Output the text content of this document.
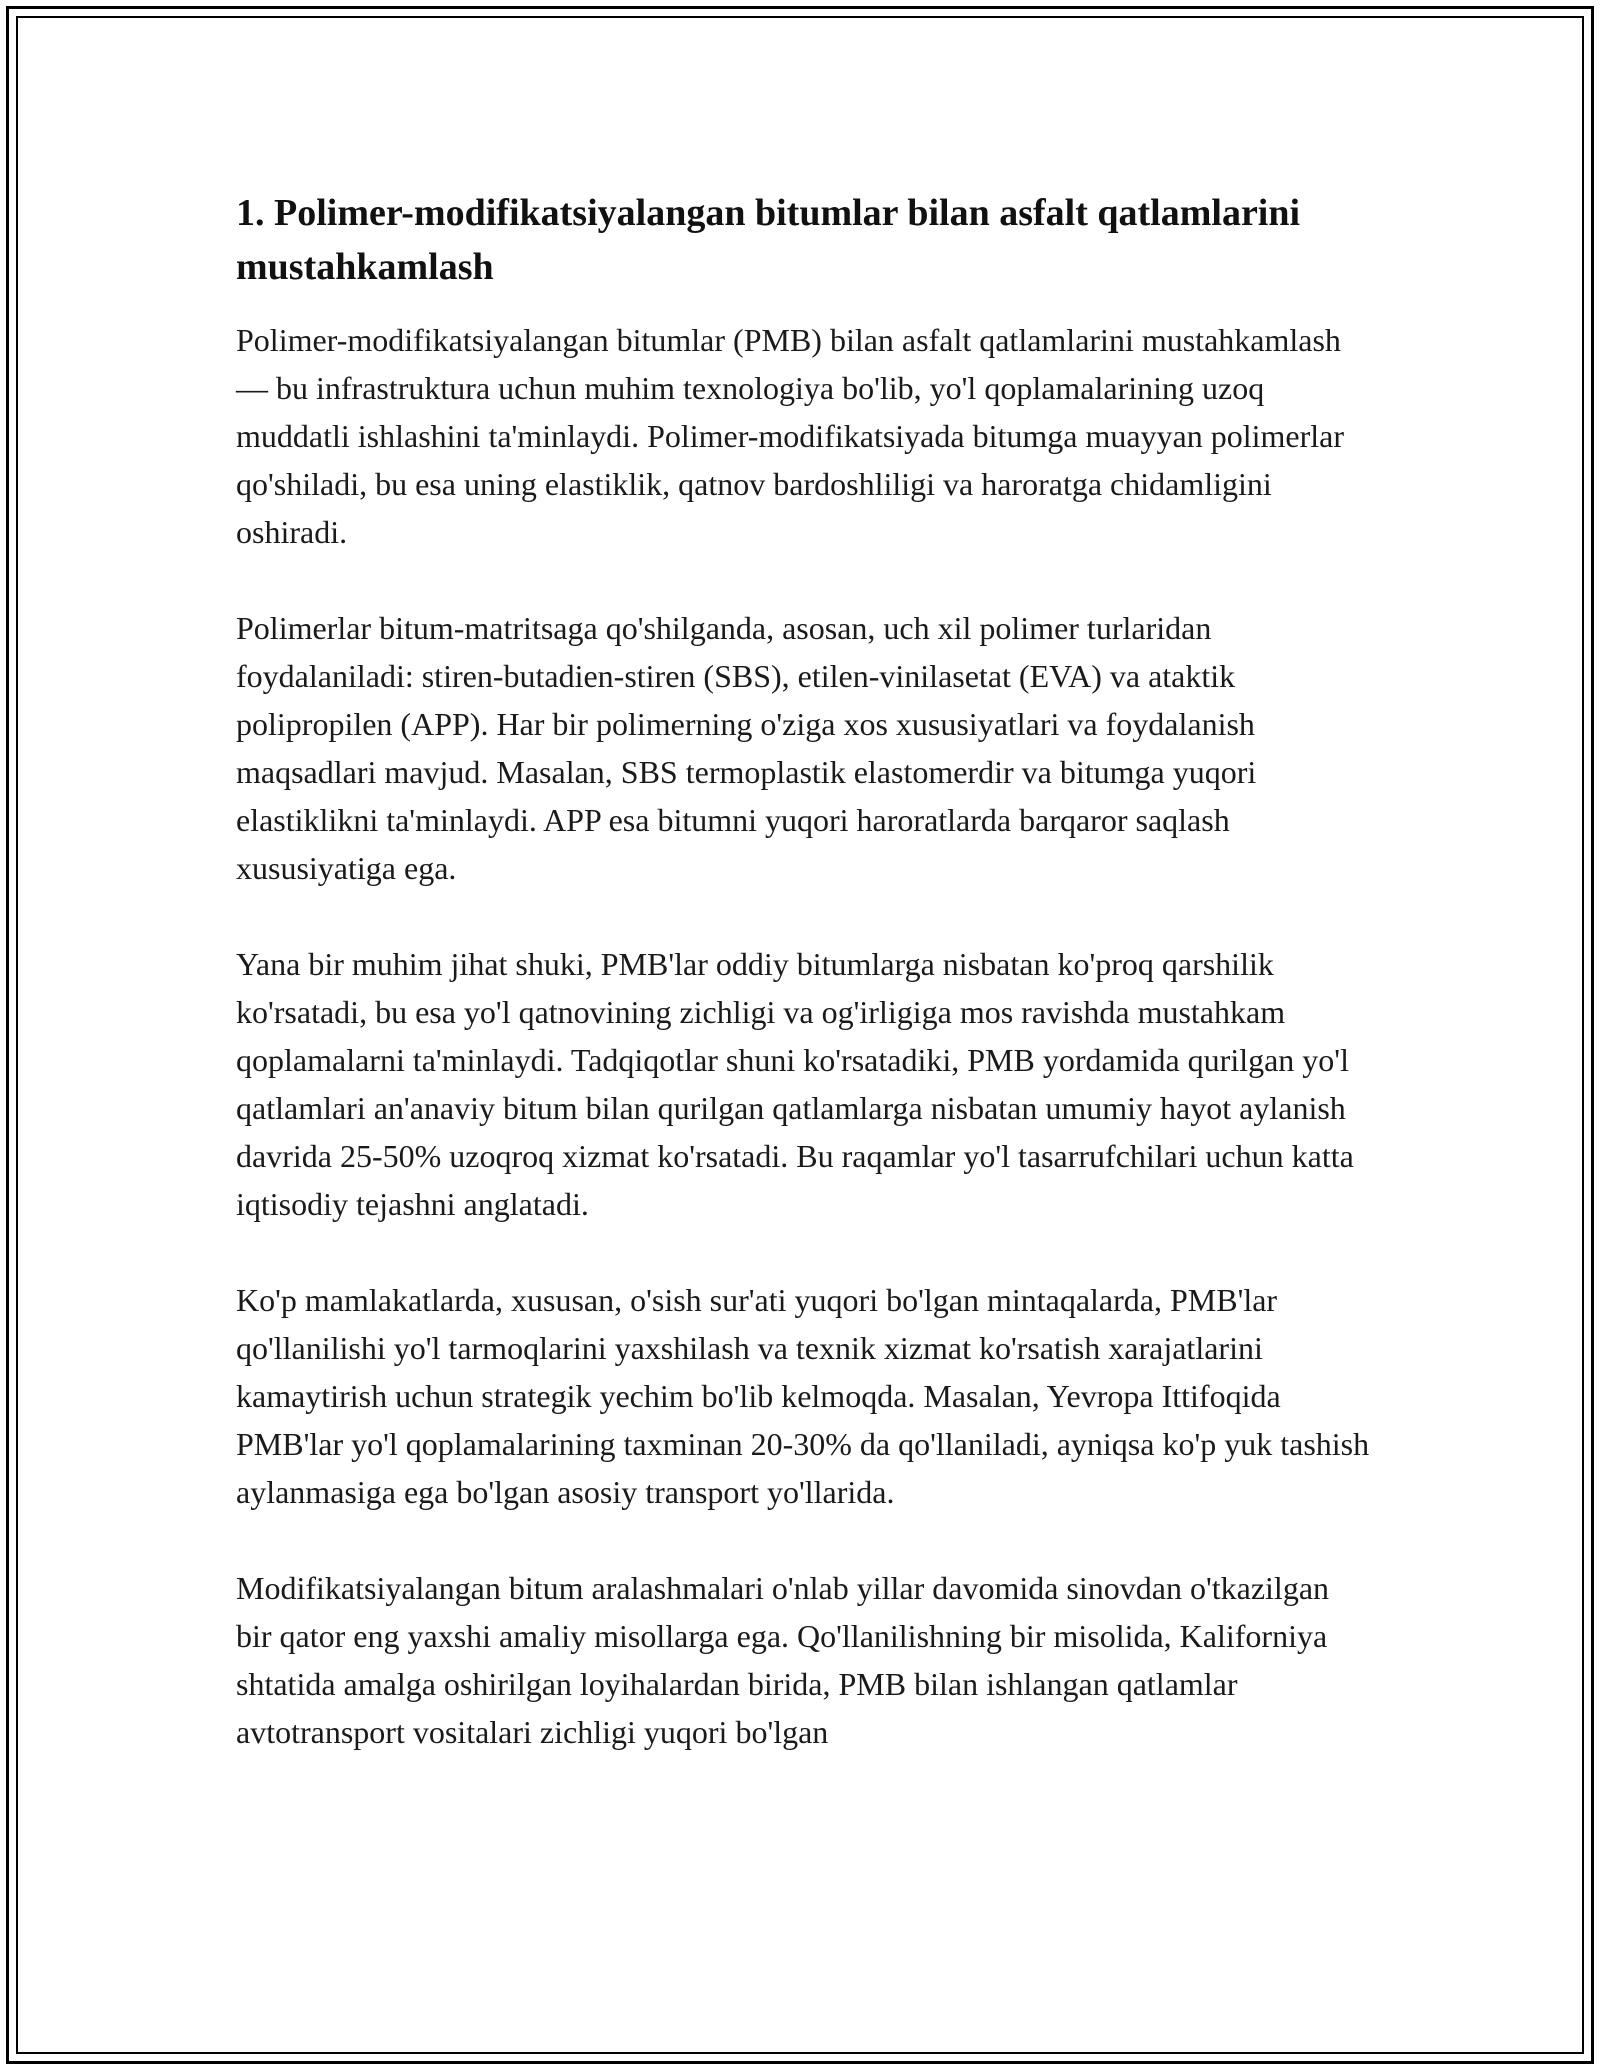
1. Polimer-modifikatsiyalangan bitumlar bilan asfalt qatlamlarini mustahkamlash

Polimer-modifikatsiyalangan bitumlar (PMB) bilan asfalt qatlamlarini mustahkamlash — bu infrastruktura uchun muhim texnologiya bo'lib, yo'l qoplamalarining uzoq muddatli ishlashini ta'minlaydi. Polimer-modifikatsiyada bitumga muayyan polimerlar qo'shiladi, bu esa uning elastiklik, qatnov bardoshliligi va haroratga chidamligini oshiradi.

Polimerlar bitum-matritsaga qo'shilganda, asosan, uch xil polimer turlaridan foydalaniladi: stiren-butadien-stiren (SBS), etilen-vinilasetat (EVA) va ataktik polipropilen (APP). Har bir polimerning o'ziga xos xususiyatlari va foydalanish maqsadlari mavjud. Masalan, SBS termoplastik elastomerdir va bitumga yuqori elastiklikni ta'minlaydi. APP esa bitumni yuqori haroratlarda barqaror saqlash xususiyatiga ega.

Yana bir muhim jihat shuki, PMB'lar oddiy bitumlarga nisbatan ko'proq qarshilik ko'rsatadi, bu esa yo'l qatnovining zichligi va og'irligiga mos ravishda mustahkam qoplamalarni ta'minlaydi. Tadqiqotlar shuni ko'rsatadiki, PMB yordamida qurilgan yo'l qatlamlari an'anaviy bitum bilan qurilgan qatlamlarga nisbatan umumiy hayot aylanish davrida 25-50% uzoqroq xizmat ko'rsatadi. Bu raqamlar yo'l tasarrufchilari uchun katta iqtisodiy tejashni anglatadi.

Ko'p mamlakatlarda, xususan, o'sish sur'ati yuqori bo'lgan mintaqalarda, PMB'lar qo'llanilishi yo'l tarmoqlarini yaxshilash va texnik xizmat ko'rsatish xarajatlarini kamaytirish uchun strategik yechim bo'lib kelmoqda. Masalan, Yevropa Ittifoqida PMB'lar yo'l qoplamalarining taxminan 20-30% da qo'llaniladi, ayniqsa ko'p yuk tashish aylanmasiga ega bo'lgan asosiy transport yo'llarida.

Modifikatsiyalangan bitum aralashmalari o'nlab yillar davomida sinovdan o'tkazilgan bir qator eng yaxshi amaliy misollarga ega. Qo'llanilishning bir misolida, Kaliforniya shtatida amalga oshirilgan loyihalardan birida, PMB bilan ishlangan qatlamlar avtotransport vositalari zichligi yuqori bo'lgan
